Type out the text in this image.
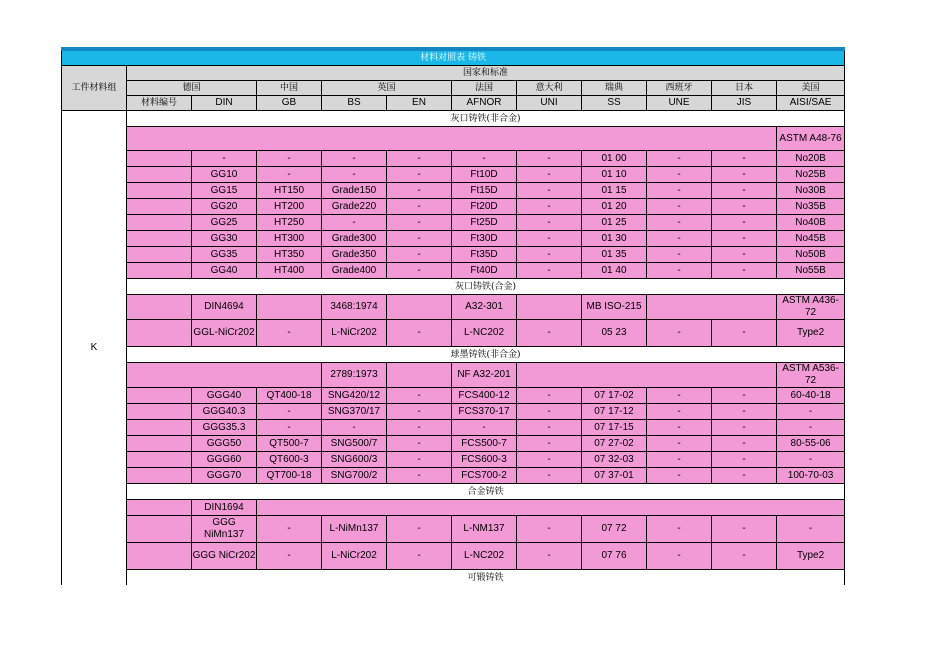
材料对照表 铸铁											
工件材料组	国家和标准										
	德国		中国	英国		法国	意大利	瑞典	西班牙	日本	美国
	材料编号	DIN	GB	BS	EN	AFNOR	UNI	SS	UNE	JIS	AISI/SAE
K	灰口铸铁(非合金)										
											ASTM A48-76
		-	-	-	-	-	-	01 00	-	-	No20B
		GG10	-	-	-	Ft10D	-	01 10	-	-	No25B
		GG15	HT150	Grade150	-	Ft15D	-	01 15	-	-	No30B
		GG20	HT200	Grade220	-	Ft20D	-	01 20	-	-	No35B
		GG25	HT250	-	-	Ft25D	-	01 25	-	-	No40B
		GG30	HT300	Grade300	-	Ft30D	-	01 30	-	-	No45B
		GG35	HT350	Grade350	-	Ft35D	-	01 35	-	-	No50B
		GG40	HT400	Grade400	-	Ft40D	-	01 40	-	-	No55B
	灰口铸铁(合金)										
		DIN4694		3468:1974		A32-301		MB ISO-215			ASTM A436-72
		GGL-NiCr202	-	L-NiCr202	-	L-NC202	-	05 23	-	-	Type2
	球墨铸铁(非合金)										
				2789:1973		NF A32-201					ASTM A536-72
		GGG40	QT400-18	SNG420/12	-	FCS400-12	-	07 17-02	-	-	60-40-18
		GGG40.3	-	SNG370/17	-	FCS370-17	-	07 17-12	-	-	-
		GGG35.3	-	-	-	-	-	07 17-15	-	-	-
		GGG50	QT500-7	SNG500/7	-	FCS500-7	-	07 27-02	-	-	80-55-06
		GGG60	QT600-3	SNG600/3	-	FCS600-3	-	07 32-03	-	-	-
		GGG70	QT700-18	SNG700/2	-	FCS700-2	-	07 37-01	-	-	100-70-03
	合金铸铁										
		DIN1694									
		GGG NiMn137	-	L-NiMn137	-	L-NM137	-	07 72	-	-	-
		GGG NiCr202	-	L-NiCr202	-	L-NC202	-	07 76	-	-	Type2
	可锻铸铁										
